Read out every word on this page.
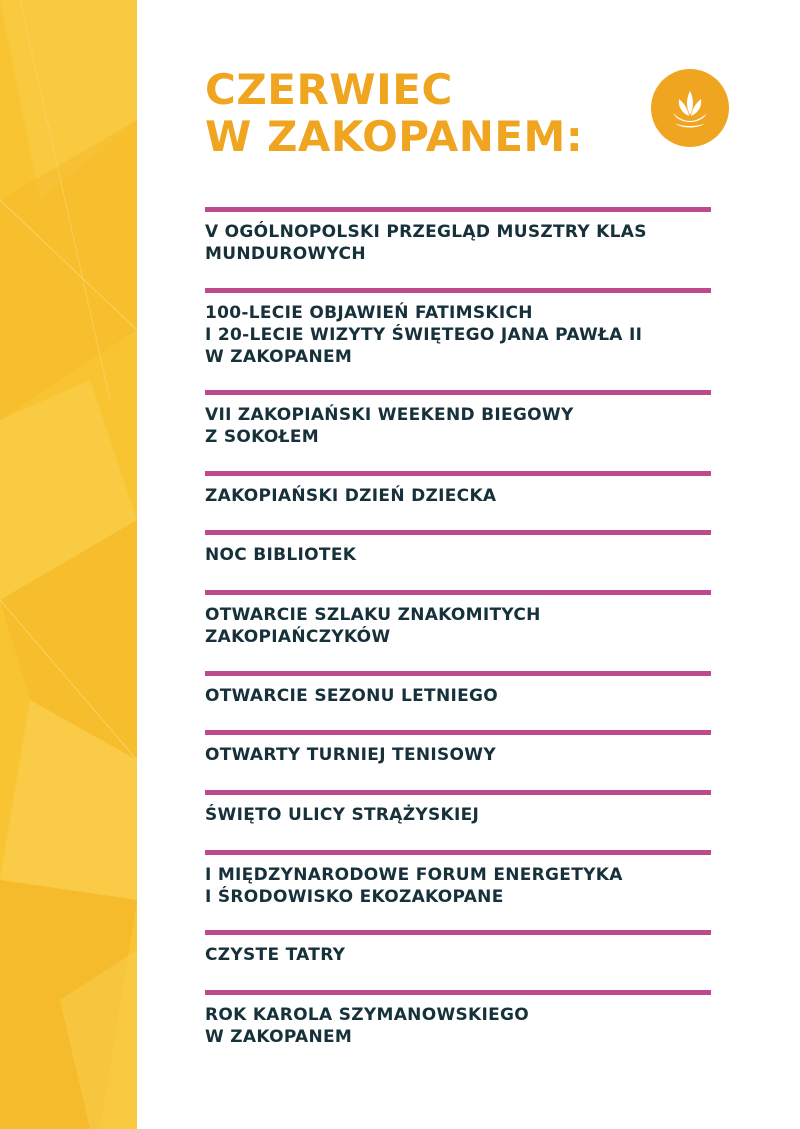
CZERWIEC
W ZAKOPANEM:
V OGÓLNOPOLSKI PRZEGLĄD MUSZTRY KLAS
MUNDUROWYCH
100-LECIE OBJAWIEŃ FATIMSKICH
I 20-LECIE WIZYTY ŚWIĘTEGO JANA PAWŁA II
W ZAKOPANEM
VII ZAKOPIAŃSKI WEEKEND BIEGOWY
Z SOKOŁEM
ZAKOPIAŃSKI DZIEŃ DZIECKA
NOC BIBLIOTEK
OTWARCIE SZLAKU ZNAKOMITYCH
ZAKOPIAŃCZYKÓW
OTWARCIE SEZONU LETNIEGO
OTWARTY TURNIEJ TENISOWY
ŚWIĘTO ULICY STRĄŻYSKIEJ
I MIĘDZYNARODOWE FORUM ENERGETYKA
I ŚRODOWISKO EKOZAKOPANE
CZYSTE TATRY
ROK KAROLA SZYMANOWSKIEGO
W ZAKOPANEM
